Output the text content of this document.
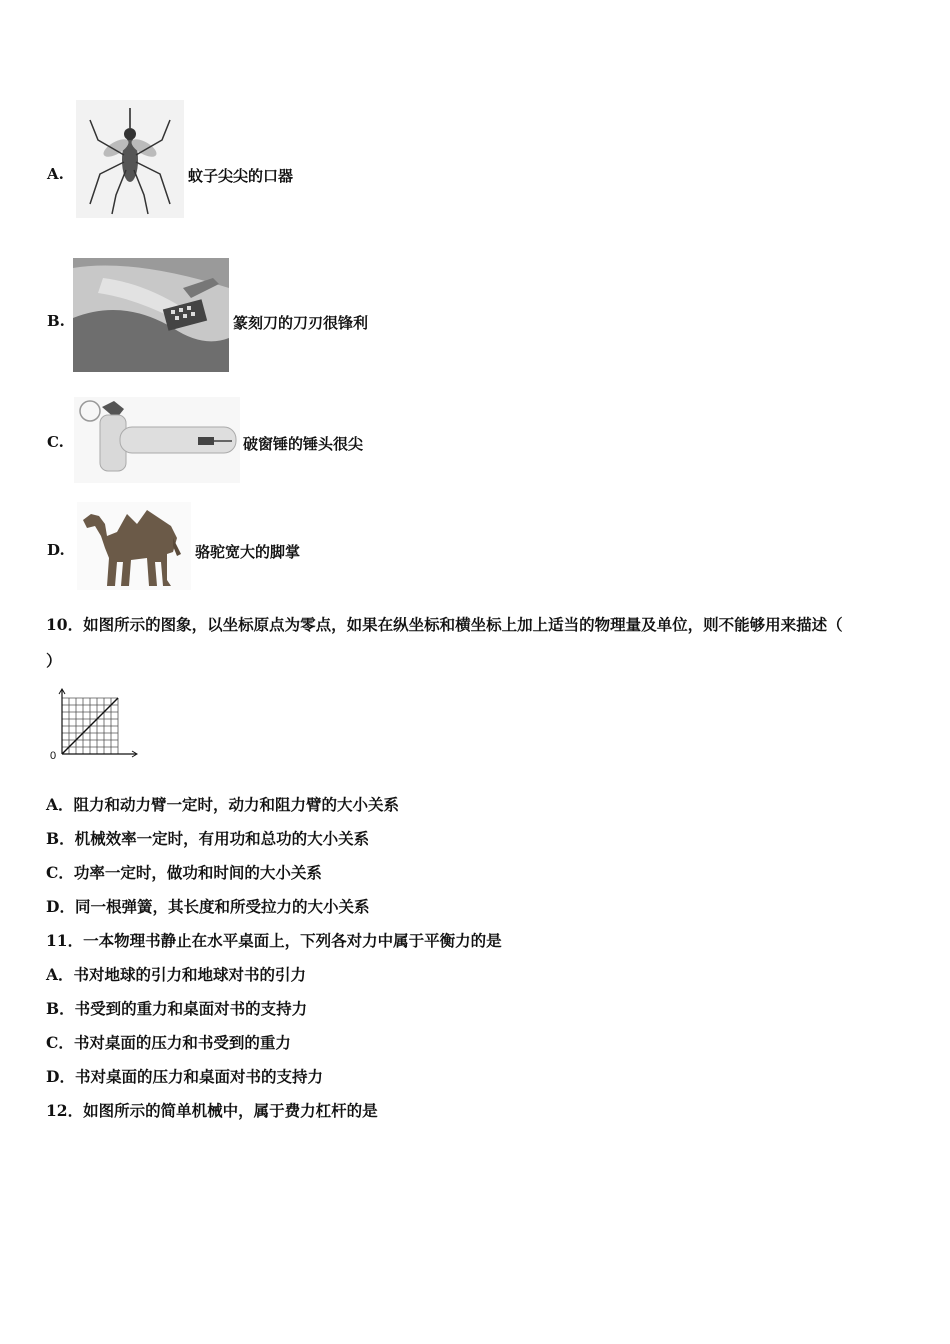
A.	蚊子尖尖的口器
B.	篆刻刀的刀刃很锋利
C.	破窗锤的锤头很尖
D.	骆驼宽大的脚掌
10．如图所示的图象，以坐标原点为零点，如果在纵坐标和横坐标上加上适当的物理量及单位，则不能够用来描述（
）
0
A．阻力和动力臂一定时，动力和阻力臂的大小关系
B．机械效率一定时，有用功和总功的大小关系
C．功率一定时，做功和时间的大小关系
D．同一根弹簧，其长度和所受拉力的大小关系
11．一本物理书静止在水平桌面上，下列各对力中属于平衡力的是
A．书对地球的引力和地球对书的引力
B．书受到的重力和桌面对书的支持力
C．书对桌面的压力和书受到的重力
D．书对桌面的压力和桌面对书的支持力
12．如图所示的简单机械中，属于费力杠杆的是
